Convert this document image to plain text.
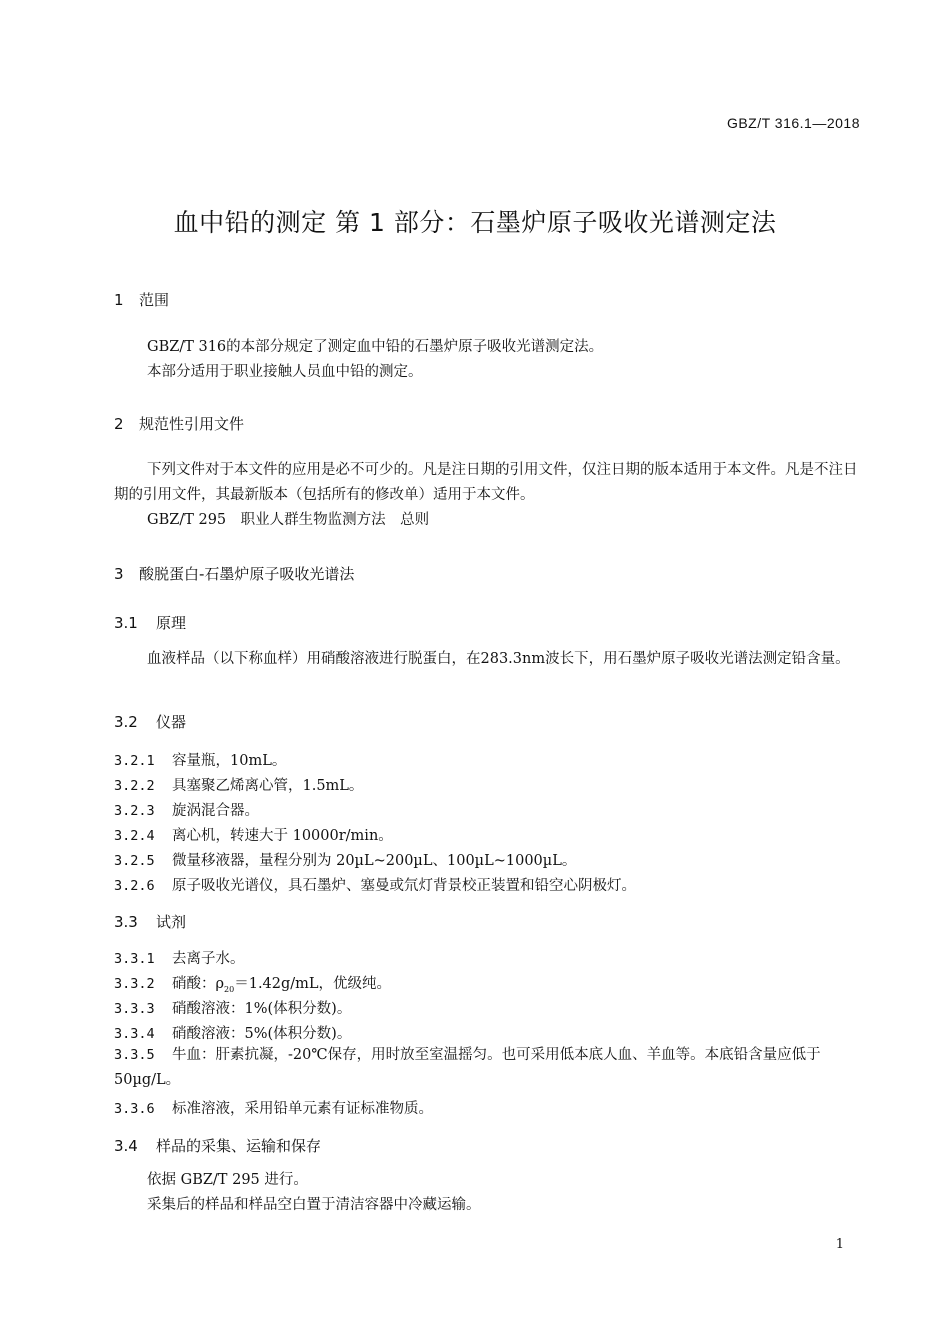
GBZ/T 316.1—2018
血中铅的测定 第 1 部分：石墨炉原子吸收光谱测定法
1 范围
GBZ/T 316的本部分规定了测定血中铅的石墨炉原子吸收光谱测定法。
本部分适用于职业接触人员血中铅的测定。
2 规范性引用文件
下列文件对于本文件的应用是必不可少的。凡是注日期的引用文件，仅注日期的版本适用于本文件。凡是不注日期的引用文件，其最新版本（包括所有的修改单）适用于本文件。
GBZ/T 295　职业人群生物监测方法　总则
3 酸脱蛋白-石墨炉原子吸收光谱法
3.1 原理
血液样品（以下称血样）用硝酸溶液进行脱蛋白，在283.3nm波长下，用石墨炉原子吸收光谱法测定铅含量。
3.2 仪器
3.2.1 容量瓶，10mL。
3.2.2 具塞聚乙烯离心管，1.5mL。
3.2.3 旋涡混合器。
3.2.4 离心机，转速大于 10000r/min。
3.2.5 微量移液器，量程分别为 20µL~200µL、100µL~1000µL。
3.2.6 原子吸收光谱仪，具石墨炉、塞曼或氘灯背景校正装置和铅空心阴极灯。
3.3 试剂
3.3.1 去离子水。
3.3.2 硝酸：$\rho_{20}=1.42g/mL$，优级纯。
3.3.3 硝酸溶液：1%(体积分数)。
3.3.4 硝酸溶液：5%(体积分数)。
3.3.5 牛血：肝素抗凝，-20℃保存，用时放至室温摇匀。也可采用低本底人血、羊血等。本底铅含量应低于 50µg/L。
3.3.6 标准溶液，采用铅单元素有证标准物质。
3.4 样品的采集、运输和保存
依据 GBZ/T 295 进行。
采集后的样品和样品空白置于清洁容器中冷藏运输。
1
